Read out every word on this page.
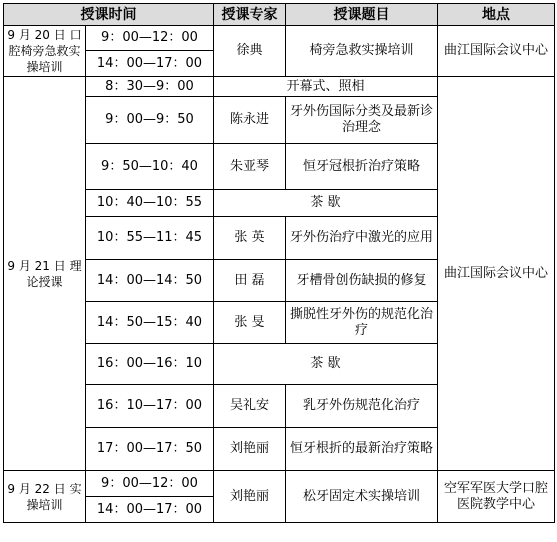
授课时间		授课专家	授课题目	地点
9 月 20 日 口腔椅旁急救实操培训	9：00—12：00	徐典	椅旁急救实操培训	曲江国际会议中心
	14：00—17：00			
9 月 21 日 理论授课	8：30—9：00	开幕式、照相		曲江国际会议中心
	9：00—9：50	陈永进	牙外伤国际分类及最新诊治理念	
	9：50—10：40	朱亚琴	恒牙冠根折治疗策略	
	10：40—10：55	茶 歇		
	10：55—11：45	张 英	牙外伤治疗中激光的应用	
	14：00—14：50	田 磊	牙槽骨创伤缺损的修复	
	14：50—15：40	张 旻	撕脱性牙外伤的规范化治疗	
	16：00—16：10	茶 歇		
	16：10—17：00	吴礼安	乳牙外伤规范化治疗	
	17：00—17：50	刘艳丽	恒牙根折的最新治疗策略	
9 月 22 日 实操培训	9：00—12：00	刘艳丽	松牙固定术实操培训	空军军医大学口腔医院教学中心
	14：00—17：00			
